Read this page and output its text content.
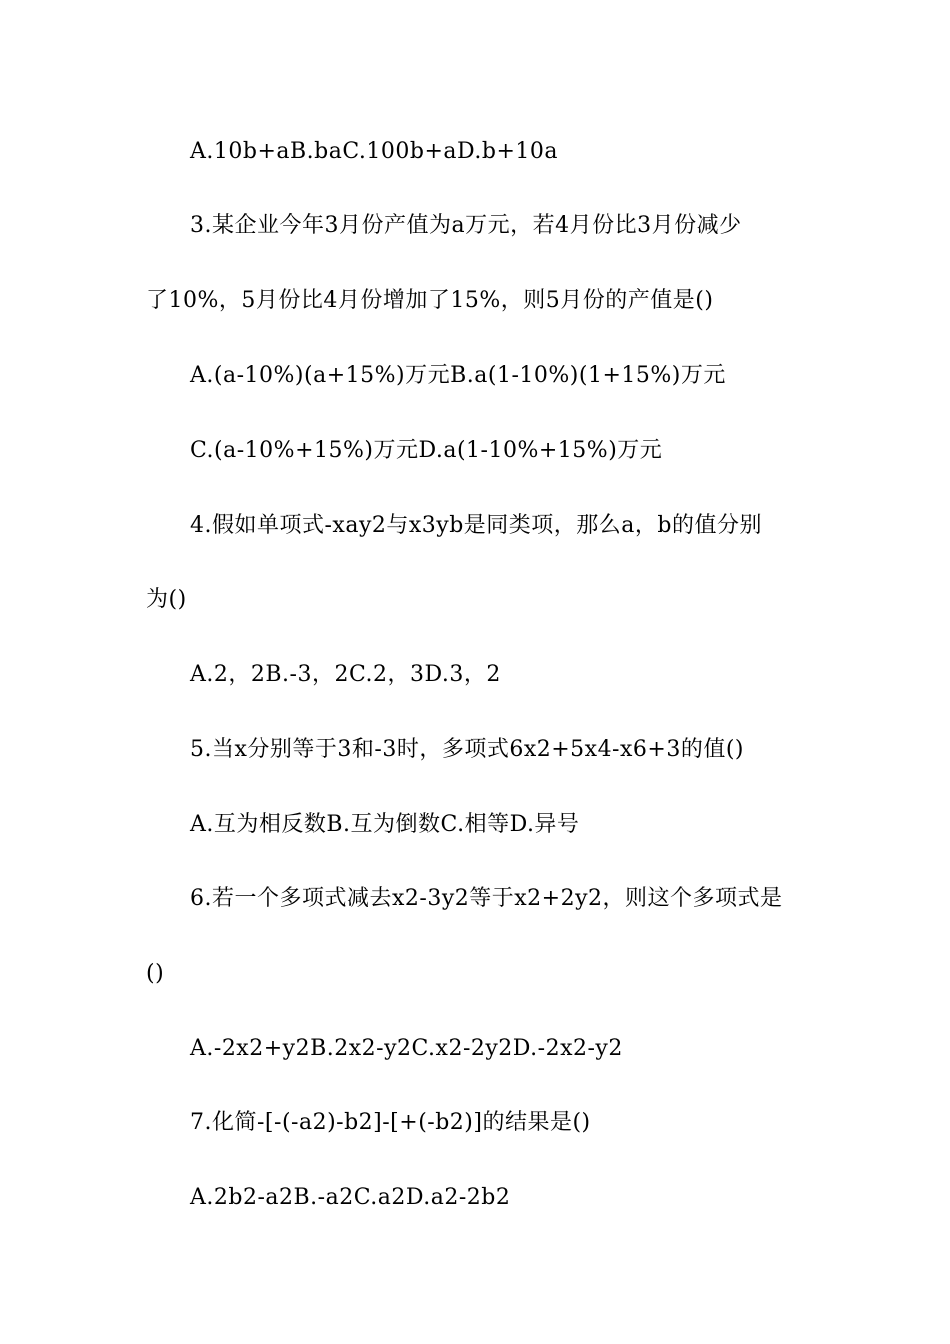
A.10b+aB.baC.100b+aD.b+10a
3.某企业今年3月份产值为a万元，若4月份比3月份减少
了10%，5月份比4月份增加了15%，则5月份的产值是()
A.(a-10%)(a+15%)万元B.a(1-10%)(1+15%)万元
C.(a-10%+15%)万元D.a(1-10%+15%)万元
4.假如单项式-xay2与x3yb是同类项，那么a，b的值分别
为()
A.2，2B.-3，2C.2，3D.3，2
5.当x分别等于3和-3时，多项式6x2+5x4-x6+3的值()
A.互为相反数B.互为倒数C.相等D.异号
6.若一个多项式减去x2-3y2等于x2+2y2，则这个多项式是
()
A.-2x2+y2B.2x2-y2C.x2-2y2D.-2x2-y2
7.化简-[-(-a2)-b2]-[+(-b2)]的结果是()
A.2b2-a2B.-a2C.a2D.a2-2b2
